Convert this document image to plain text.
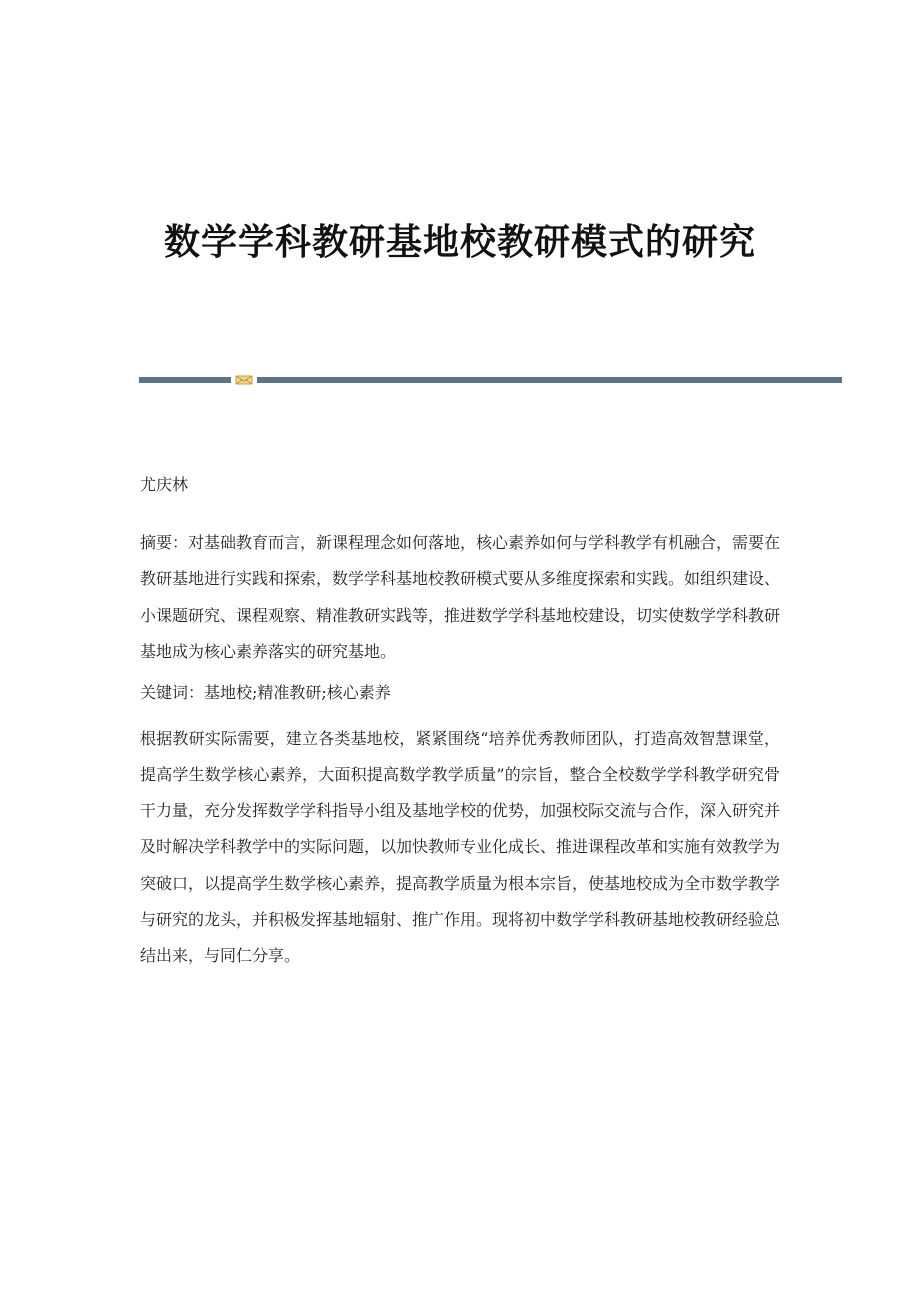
数学学科教研基地校教研模式的研究

尤庆林

摘要：对基础教育而言，新课程理念如何落地，核心素养如何与学科教学有机融合，需要在教研基地进行实践和探索，数学学科基地校教研模式要从多维度探索和实践。如组织建设、小课题研究、课程观察、精准教研实践等，推进数学学科基地校建设，切实使数学学科教研基地成为核心素养落实的研究基地。

关键词：基地校;精准教研;核心素养

根据教研实际需要，建立各类基地校，紧紧围绕“培养优秀教师团队，打造高效智慧课堂，提高学生数学核心素养，大面积提高数学教学质量”的宗旨，整合全校数学学科教学研究骨干力量，充分发挥数学学科指导小组及基地学校的优势，加强校际交流与合作，深入研究并及时解决学科教学中的实际问题，以加快教师专业化成长、推进课程改革和实施有效教学为突破口，以提高学生数学核心素养，提高教学质量为根本宗旨，使基地校成为全市数学教学与研究的龙头，并积极发挥基地辐射、推广作用。现将初中数学学科教研基地校教研经验总结出来，与同仁分享。
